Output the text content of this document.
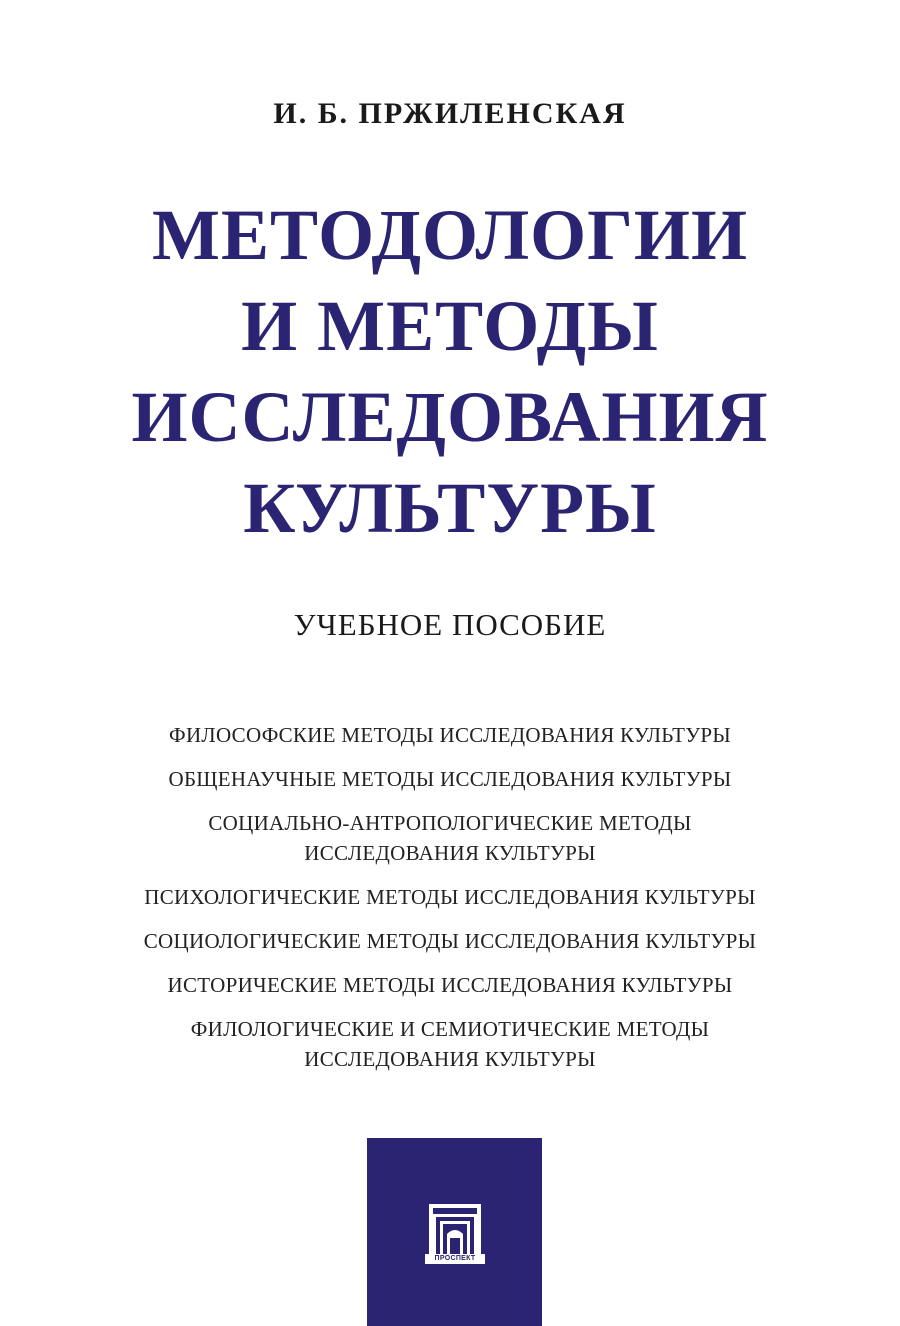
И. Б. ПРЖИЛЕНСКАЯ
МЕТОДОЛОГИИ
И МЕТОДЫ
ИССЛЕДОВАНИЯ
КУЛЬТУРЫ
УЧЕБНОЕ ПОСОБИЕ
ФИЛОСОФСКИЕ МЕТОДЫ ИССЛЕДОВАНИЯ КУЛЬТУРЫ
ОБЩЕНАУЧНЫЕ МЕТОДЫ ИССЛЕДОВАНИЯ КУЛЬТУРЫ
СОЦИАЛЬНО-АНТРОПОЛОГИЧЕСКИЕ МЕТОДЫ
ИССЛЕДОВАНИЯ КУЛЬТУРЫ
ПСИХОЛОГИЧЕСКИЕ МЕТОДЫ ИССЛЕДОВАНИЯ КУЛЬТУРЫ
СОЦИОЛОГИЧЕСКИЕ МЕТОДЫ ИССЛЕДОВАНИЯ КУЛЬТУРЫ
ИСТОРИЧЕСКИЕ МЕТОДЫ ИССЛЕДОВАНИЯ КУЛЬТУРЫ
ФИЛОЛОГИЧЕСКИЕ И СЕМИОТИЧЕСКИЕ МЕТОДЫ
ИССЛЕДОВАНИЯ КУЛЬТУРЫ
ПРОСПЕКТ
